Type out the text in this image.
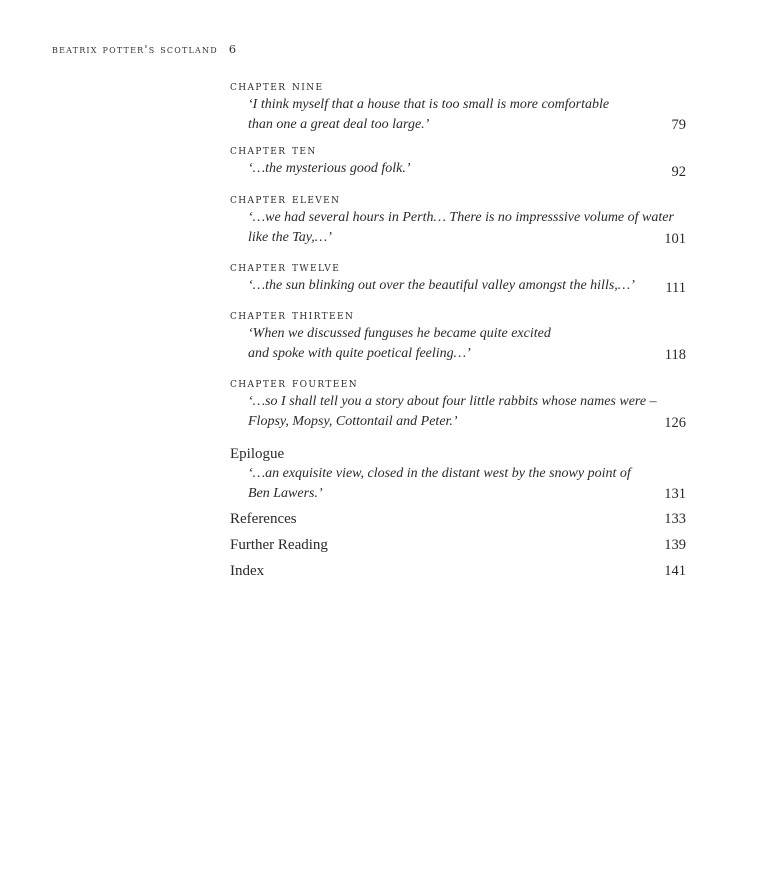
beatrix potter's scotland 6
chapter nine
‘I think myself that a house that is too small is more comfortable
than one a great deal too large.’	79
chapter ten
‘…the mysterious good folk.’	92
chapter eleven
‘…we had several hours in Perth… There is no impresssive volume of water
like the Tay,…’	101
chapter twelve
‘…the sun blinking out over the beautiful valley amongst the hills,…’ 111
chapter thirteen
‘When we discussed funguses he became quite excited
and spoke with quite poetical feeling…’	118
chapter fourteen
‘…so I shall tell you a story about four little rabbits whose names were –
Flopsy, Mopsy, Cottontail and Peter.’	126
Epilogue
‘…an exquisite view, closed in the distant west by the snowy point of
Ben Lawers.’	131
References	133
Further Reading	139
Index	141
